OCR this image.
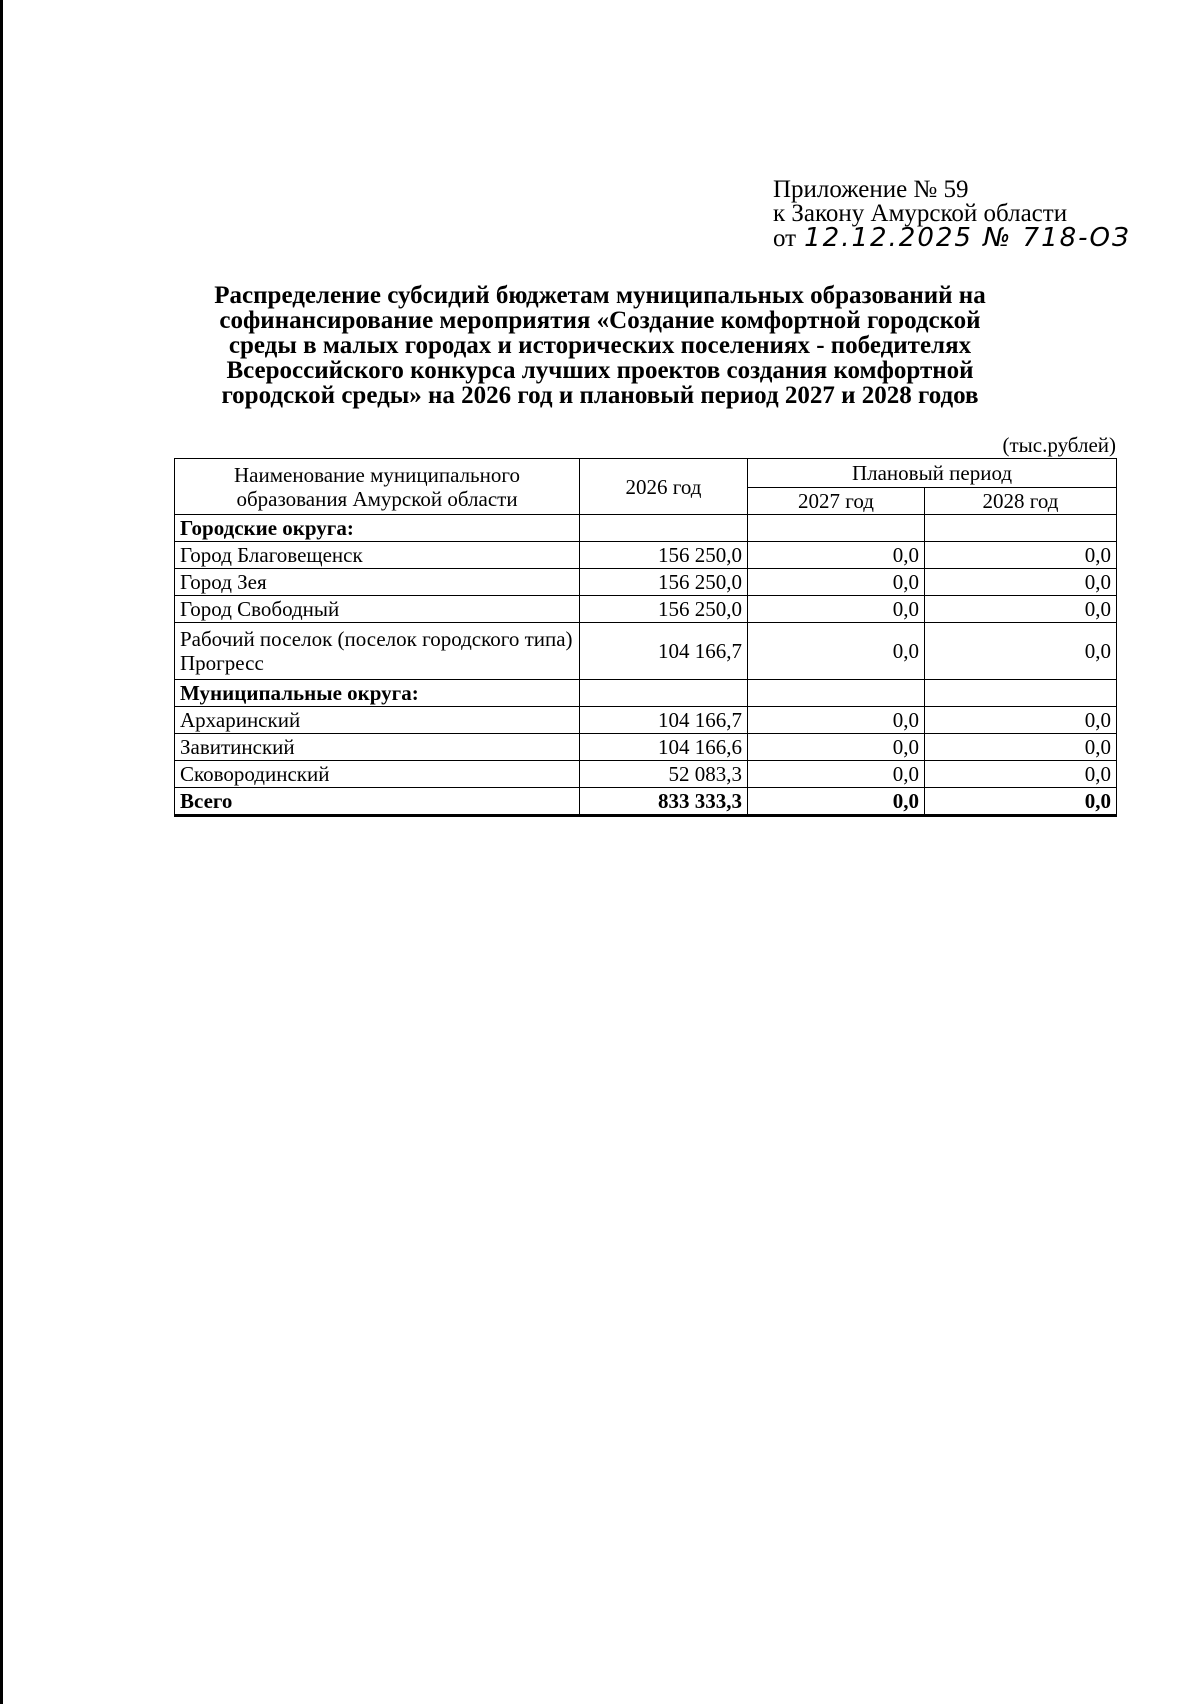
Приложение № 59
к Закону Амурской области
от 12.12.2025 № 718-ОЗ
Распределение субсидий бюджетам муниципальных образований на
софинансирование мероприятия «Создание комфортной городской
среды в малых городах и исторических поселениях - победителях
Всероссийского конкурса лучших проектов создания комфортной
городской среды» на 2026 год и плановый период 2027 и 2028 годов
(тыс.рублей)
Наименование муниципального образования Амурской области	2026 год	Плановый период	
		2027 год	2028 год
Городские округа:			
Город Благовещенск	156 250,0	0,0	0,0
Город Зея	156 250,0	0,0	0,0
Город Свободный	156 250,0	0,0	0,0
Рабочий поселок (поселок городского типа) Прогресс	104 166,7	0,0	0,0
Муниципальные округа:			
Архаринский	104 166,7	0,0	0,0
Завитинский	104 166,6	0,0	0,0
Сковородинский	52 083,3	0,0	0,0
Всего	833 333,3	0,0	0,0
